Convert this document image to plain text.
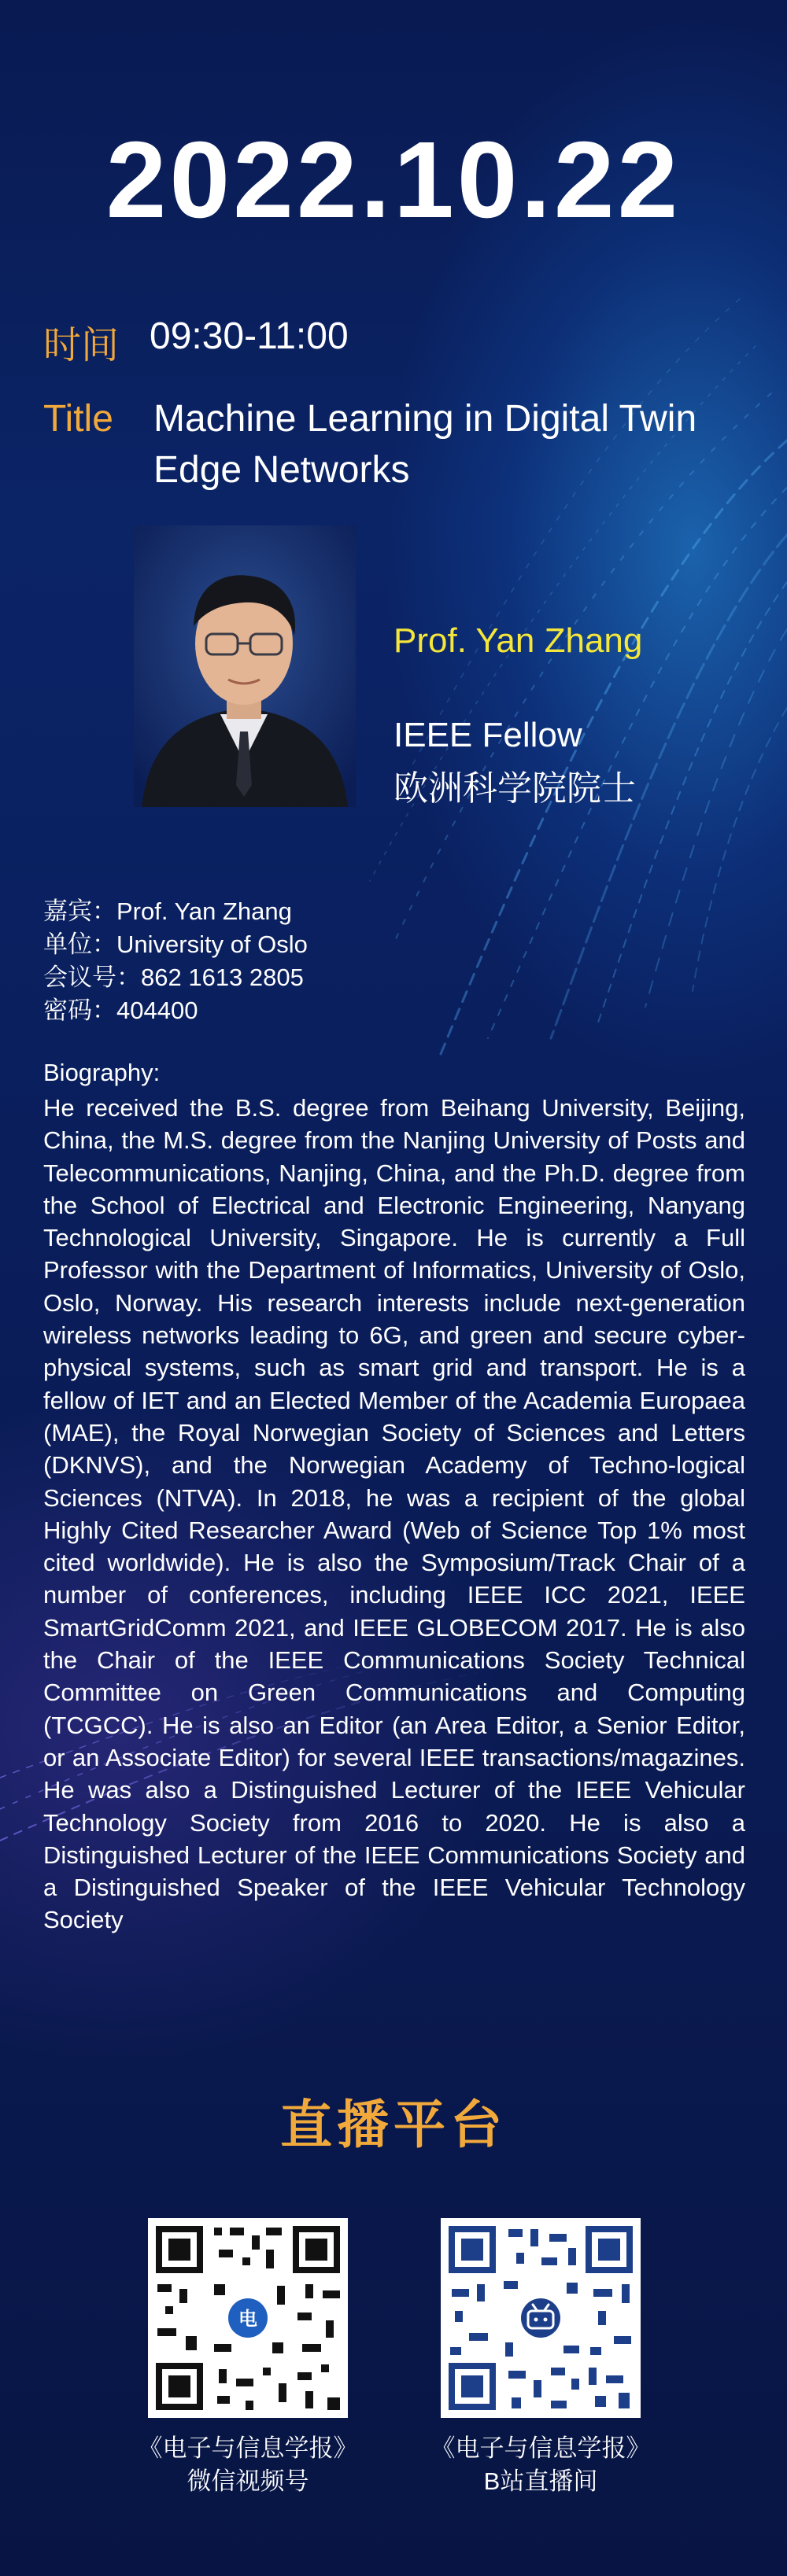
2022.10.22
时间 09:30-11:00
Title Machine Learning in Digital Twin
Edge Networks
Prof. Yan Zhang
IEEE Fellow
欧洲科学院院士
嘉宾：Prof. Yan Zhang
单位：University of Oslo
会议号：862 1613 2805
密码：404400
Biography:
He received the B.S. degree from Beihang University, Beijing, China, the M.S. degree from the Nanjing University of Posts and Telecommunications, Nanjing, China, and the Ph.D. degree from the School of Electrical and Electronic Engineering, Nanyang Technological University, Singapore. He is currently a Full Professor with the Department of Informatics, University of Oslo, Oslo, Norway. His research interests include next-generation wireless networks leading to 6G, and green and secure cyber-physical systems, such as smart grid and transport. He is a fellow of IET and an Elected Member of the Academia Europaea (MAE), the Royal Norwegian Society of Sciences and Letters (DKNVS), and the Norwegian Academy of Techno-logical Sciences (NTVA). In 2018, he was a recipient of the global Highly Cited Researcher Award (Web of Science Top 1% most cited worldwide). He is also the Symposium/Track Chair of a number of conferences, including IEEE ICC 2021, IEEE SmartGridComm 2021, and IEEE GLOBECOM 2017. He is also the Chair of the IEEE Communications Society Technical Committee on Green Communications and Computing (TCGCC). He is also an Editor (an Area Editor, a Senior Editor, or an Associate Editor) for several IEEE transactions/magazines. He was also a Distinguished Lecturer of the IEEE Vehicular Technology Society from 2016 to 2020. He is also a Distinguished Lecturer of the IEEE Communications Society and a Distinguished Speaker of the IEEE Vehicular Technology Society
直播平台
电
《电子与信息学报》
微信视频号
《电子与信息学报》
B站直播间
